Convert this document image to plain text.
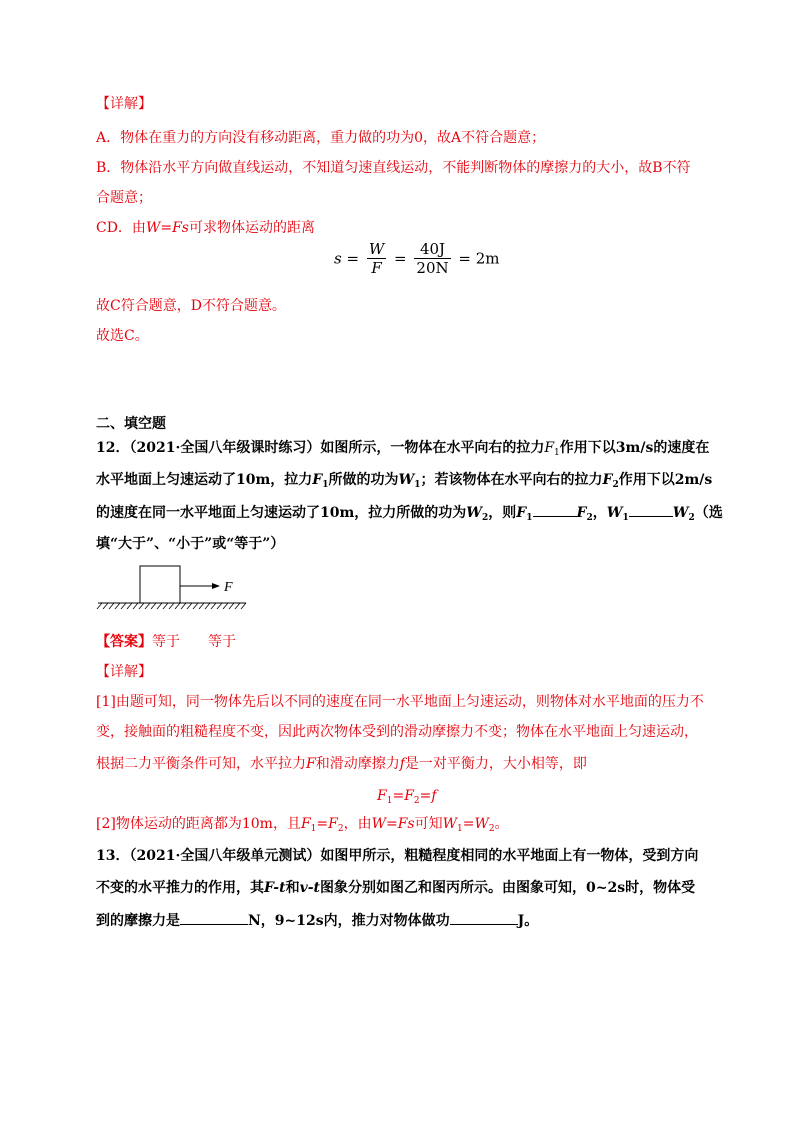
【详解】
A．物体在重力的方向没有移动距离，重力做的功为0，故A不符合题意；
B．物体沿水平方向做直线运动，不知道匀速直线运动，不能判断物体的摩擦力的大小，故B不符
合题意；
CD．由W=Fs可求物体运动的距离
$s = \frac{W}{F} = \frac{40J}{20N} = 2m$
故C符合题意，D不符合题意。
故选C。
二、填空题
12．（2021·全国八年级课时练习）如图所示，一物体在水平向右的拉力$F_1$作用下以3m/s的速度在
水平地面上匀速运动了10m，拉力$F_1$所做的功为$W_1$；若该物体在水平向右的拉力$F_2$作用下以2m/s
的速度在同一水平地面上匀速运动了10m，拉力所做的功为$W_2$，则$F_1$	$F_2$，$W_1$	$W_2$（选
填“大于”、“小于”或“等于”）
F
【答案】等于　　等于
【详解】
[1]由题可知，同一物体先后以不同的速度在同一水平地面上匀速运动，则物体对水平地面的压力不
变，接触面的粗糙程度不变，因此两次物体受到的滑动摩擦力不变；物体在水平地面上匀速运动，
根据二力平衡条件可知，水平拉力F和滑动摩擦力f是一对平衡力，大小相等，即
$F_1=F_2=f$
[2]物体运动的距离都为10m，且$F_1=F_2$，由W=Fs可知$W_1=W_2$。
13．（2021·全国八年级单元测试）如图甲所示，粗糙程度相同的水平地面上有一物体，受到方向
不变的水平推力的作用，其F-t和v-t图象分别如图乙和图丙所示。由图象可知，0~2s时，物体受
到的摩擦力是	N，9~12s内，推力对物体做功	J。
